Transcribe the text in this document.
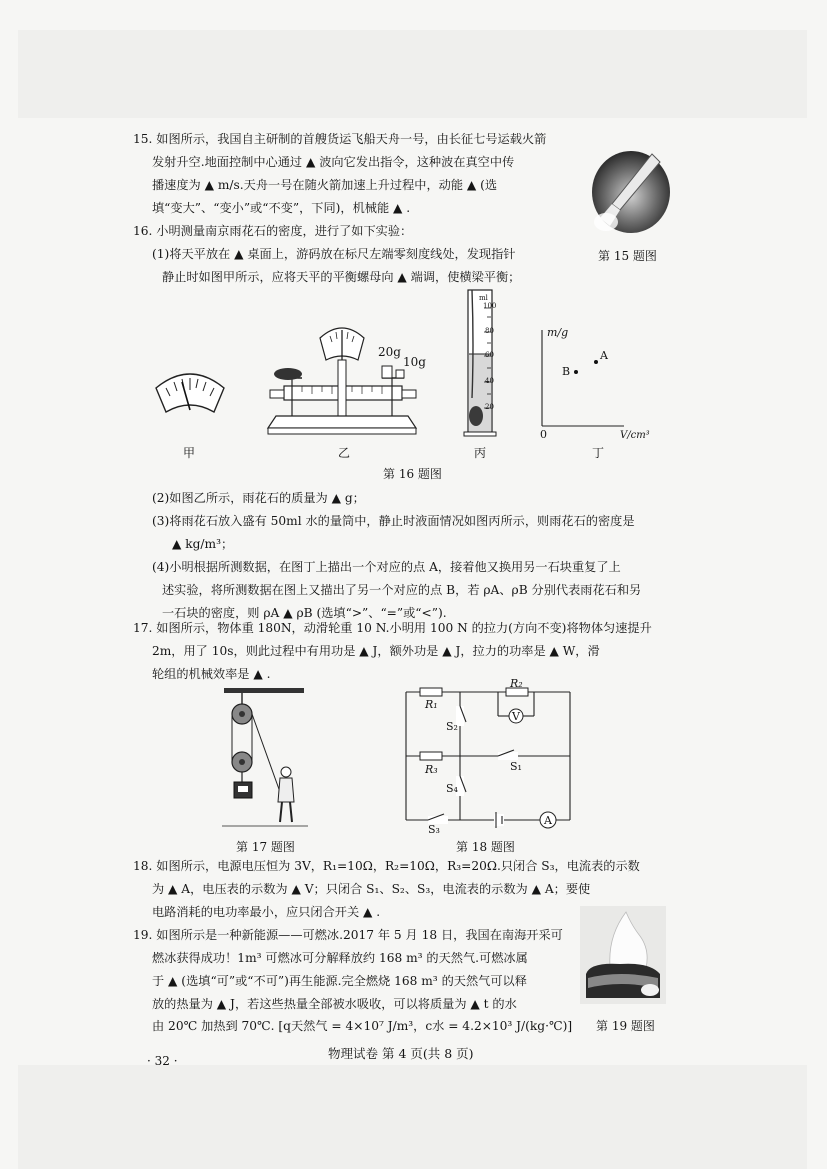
15. 如图所示，我国自主研制的首艘货运飞船天舟一号，由长征七号运载火箭
发射升空.地面控制中心通过 ▲ 波向它发出指令，这种波在真空中传
播速度为 ▲ m/s.天舟一号在随火箭加速上升过程中，动能 ▲ (选
填“变大”、“变小”或“不变”，下同)，机械能 ▲ .
第 15 题图
16. 小明测量南京雨花石的密度，进行了如下实验：
(1)将天平放在 ▲ 桌面上，游码放在标尺左端零刻度线处，发现指针
静止时如图甲所示，应将天平的平衡螺母向 ▲ 端调，使横梁平衡；
甲
20g
10g
乙
ml
100
80
60
40
20
丙
m/g
A
B
0	V/cm³
丁
第 16 题图
(2)如图乙所示，雨花石的质量为 ▲ g；
(3)将雨花石放入盛有 50ml 水的量筒中，静止时液面情况如图丙所示，则雨花石的密度是
▲ kg/m³；
(4)小明根据所测数据，在图丁上描出一个对应的点 A，接着他又换用另一石块重复了上
述实验，将所测数据在图上又描出了另一个对应的点 B，若 ρA、ρB 分别代表雨花石和另
一石块的密度，则 ρA ▲ ρB (选填“>”、“=”或“<”).
17. 如图所示，物体重 180N，动滑轮重 10 N.小明用 100 N 的拉力(方向不变)将物体匀速提升
2m，用了 10s，则此过程中有用功是 ▲ J，额外功是 ▲ J，拉力的功率是 ▲ W，滑
轮组的机械效率是 ▲ .
第 17 题图
R₁
R₂
R₃
S₂
S₁
S₄
S₃
V
A
第 18 题图
18. 如图所示，电源电压恒为 3V，R₁=10Ω，R₂=10Ω，R₃=20Ω.只闭合 S₃，电流表的示数
为 ▲ A，电压表的示数为 ▲ V；只闭合 S₁、S₂、S₃，电流表的示数为 ▲ A；要使
电路消耗的电功率最小，应只闭合开关 ▲ .
19. 如图所示是一种新能源——可燃冰.2017 年 5 月 18 日，我国在南海开采可
燃冰获得成功！1m³ 可燃冰可分解释放约 168 m³ 的天然气.可燃冰属
于 ▲ (选填“可”或“不可”)再生能源.完全燃烧 168 m³ 的天然气可以释
放的热量为 ▲ J，若这些热量全部被水吸收，可以将质量为 ▲ t 的水
由 20℃ 加热到 70℃. [q天然气 = 4×10⁷ J/m³，c水 = 4.2×10³ J/(kg·℃)] 第 19 题图
物理试卷 第 4 页(共 8 页)
· 32 ·
